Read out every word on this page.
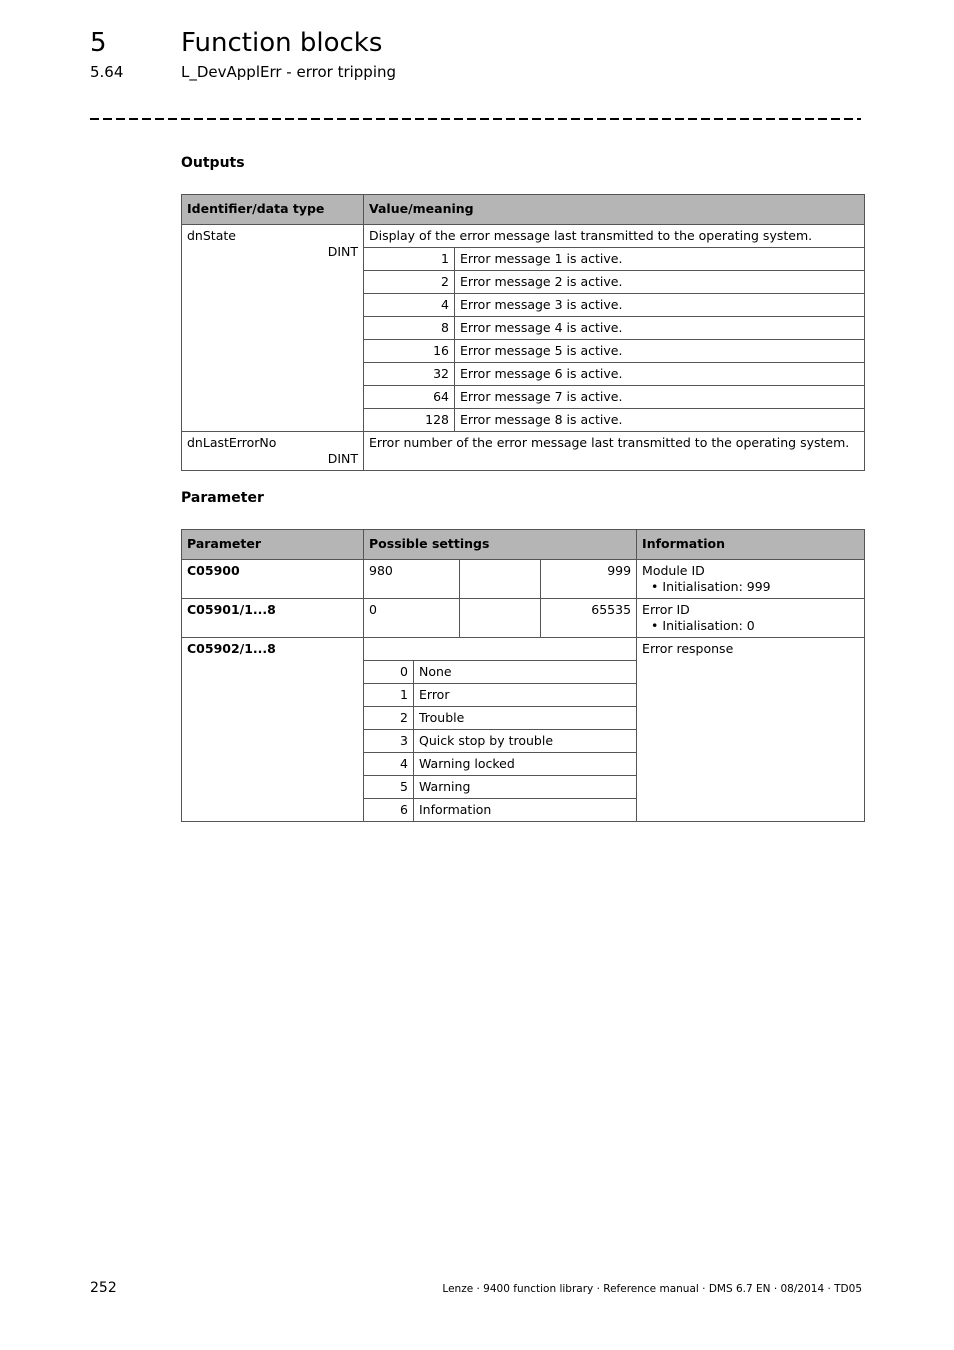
5	Function blocks
5.64	L_DevApplErr - error tripping
Outputs
Identifier/data type	Value/meaning	

dnState
DINT	Display of the error message last transmitted to the operating system.	
	1	Error message 1 is active.
	2	Error message 2 is active.
	4	Error message 3 is active.
	8	Error message 4 is active.
	16	Error message 5 is active.
	32	Error message 6 is active.
	64	Error message 7 is active.
	128	Error message 8 is active.

dnLastErrorNo
DINT	Error number of the error message last transmitted to the operating system.	
Parameter
Parameter	Possible settings				Information
C05900	980			999	Module ID
• Initialisation: 999

C05901/1...8	0			65535	Error ID
• Initialisation: 0

C05902/1...8					Error response
	0	None			
	1	Error			
	2	Trouble			
	3	Quick stop by trouble			
	4	Warning locked			
	5	Warning			
	6	Information			
252	Lenze · 9400 function library · Reference manual · DMS 6.7 EN · 08/2014 · TD05
